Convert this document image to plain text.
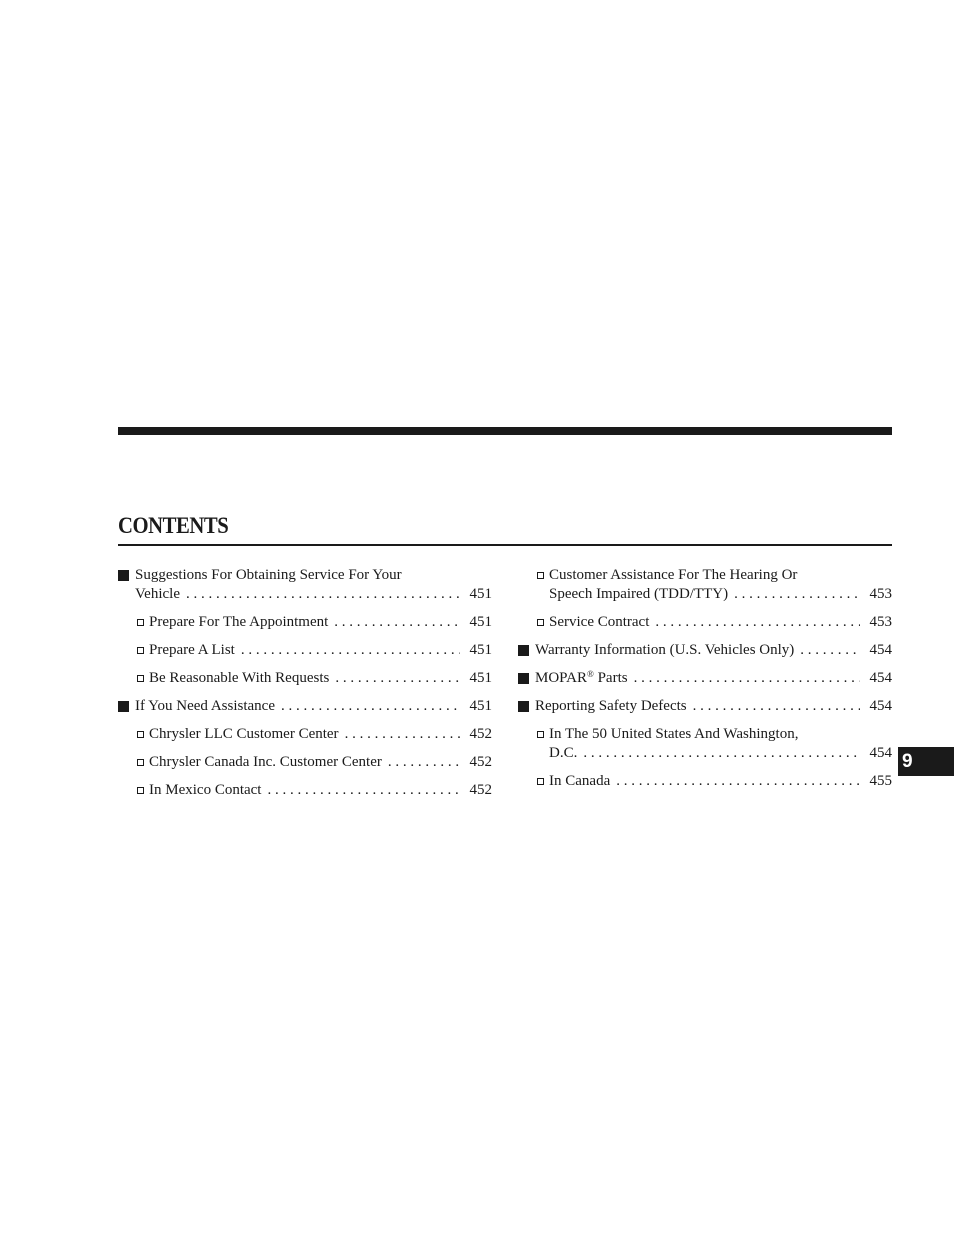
CONTENTS
Suggestions For Obtaining Service For Your
Vehicle . . .	451
Prepare For The Appointment . . .	451
Prepare A List . . .	451
Be Reasonable With Requests . . .	451
If You Need Assistance . . .	451
Chrysler LLC Customer Center . . .	452
Chrysler Canada Inc. Customer Center . . .	452
In Mexico Contact . . .	452
Customer Assistance For The Hearing Or
Speech Impaired (TDD/TTY) . . .	453
Service Contract . . .	453
Warranty Information (U.S. Vehicles Only) . . .	454
MOPAR® Parts . . .	454
Reporting Safety Defects . . .	454
In The 50 United States And Washington,
D.C. . . .	454
In Canada . . .	455
9
